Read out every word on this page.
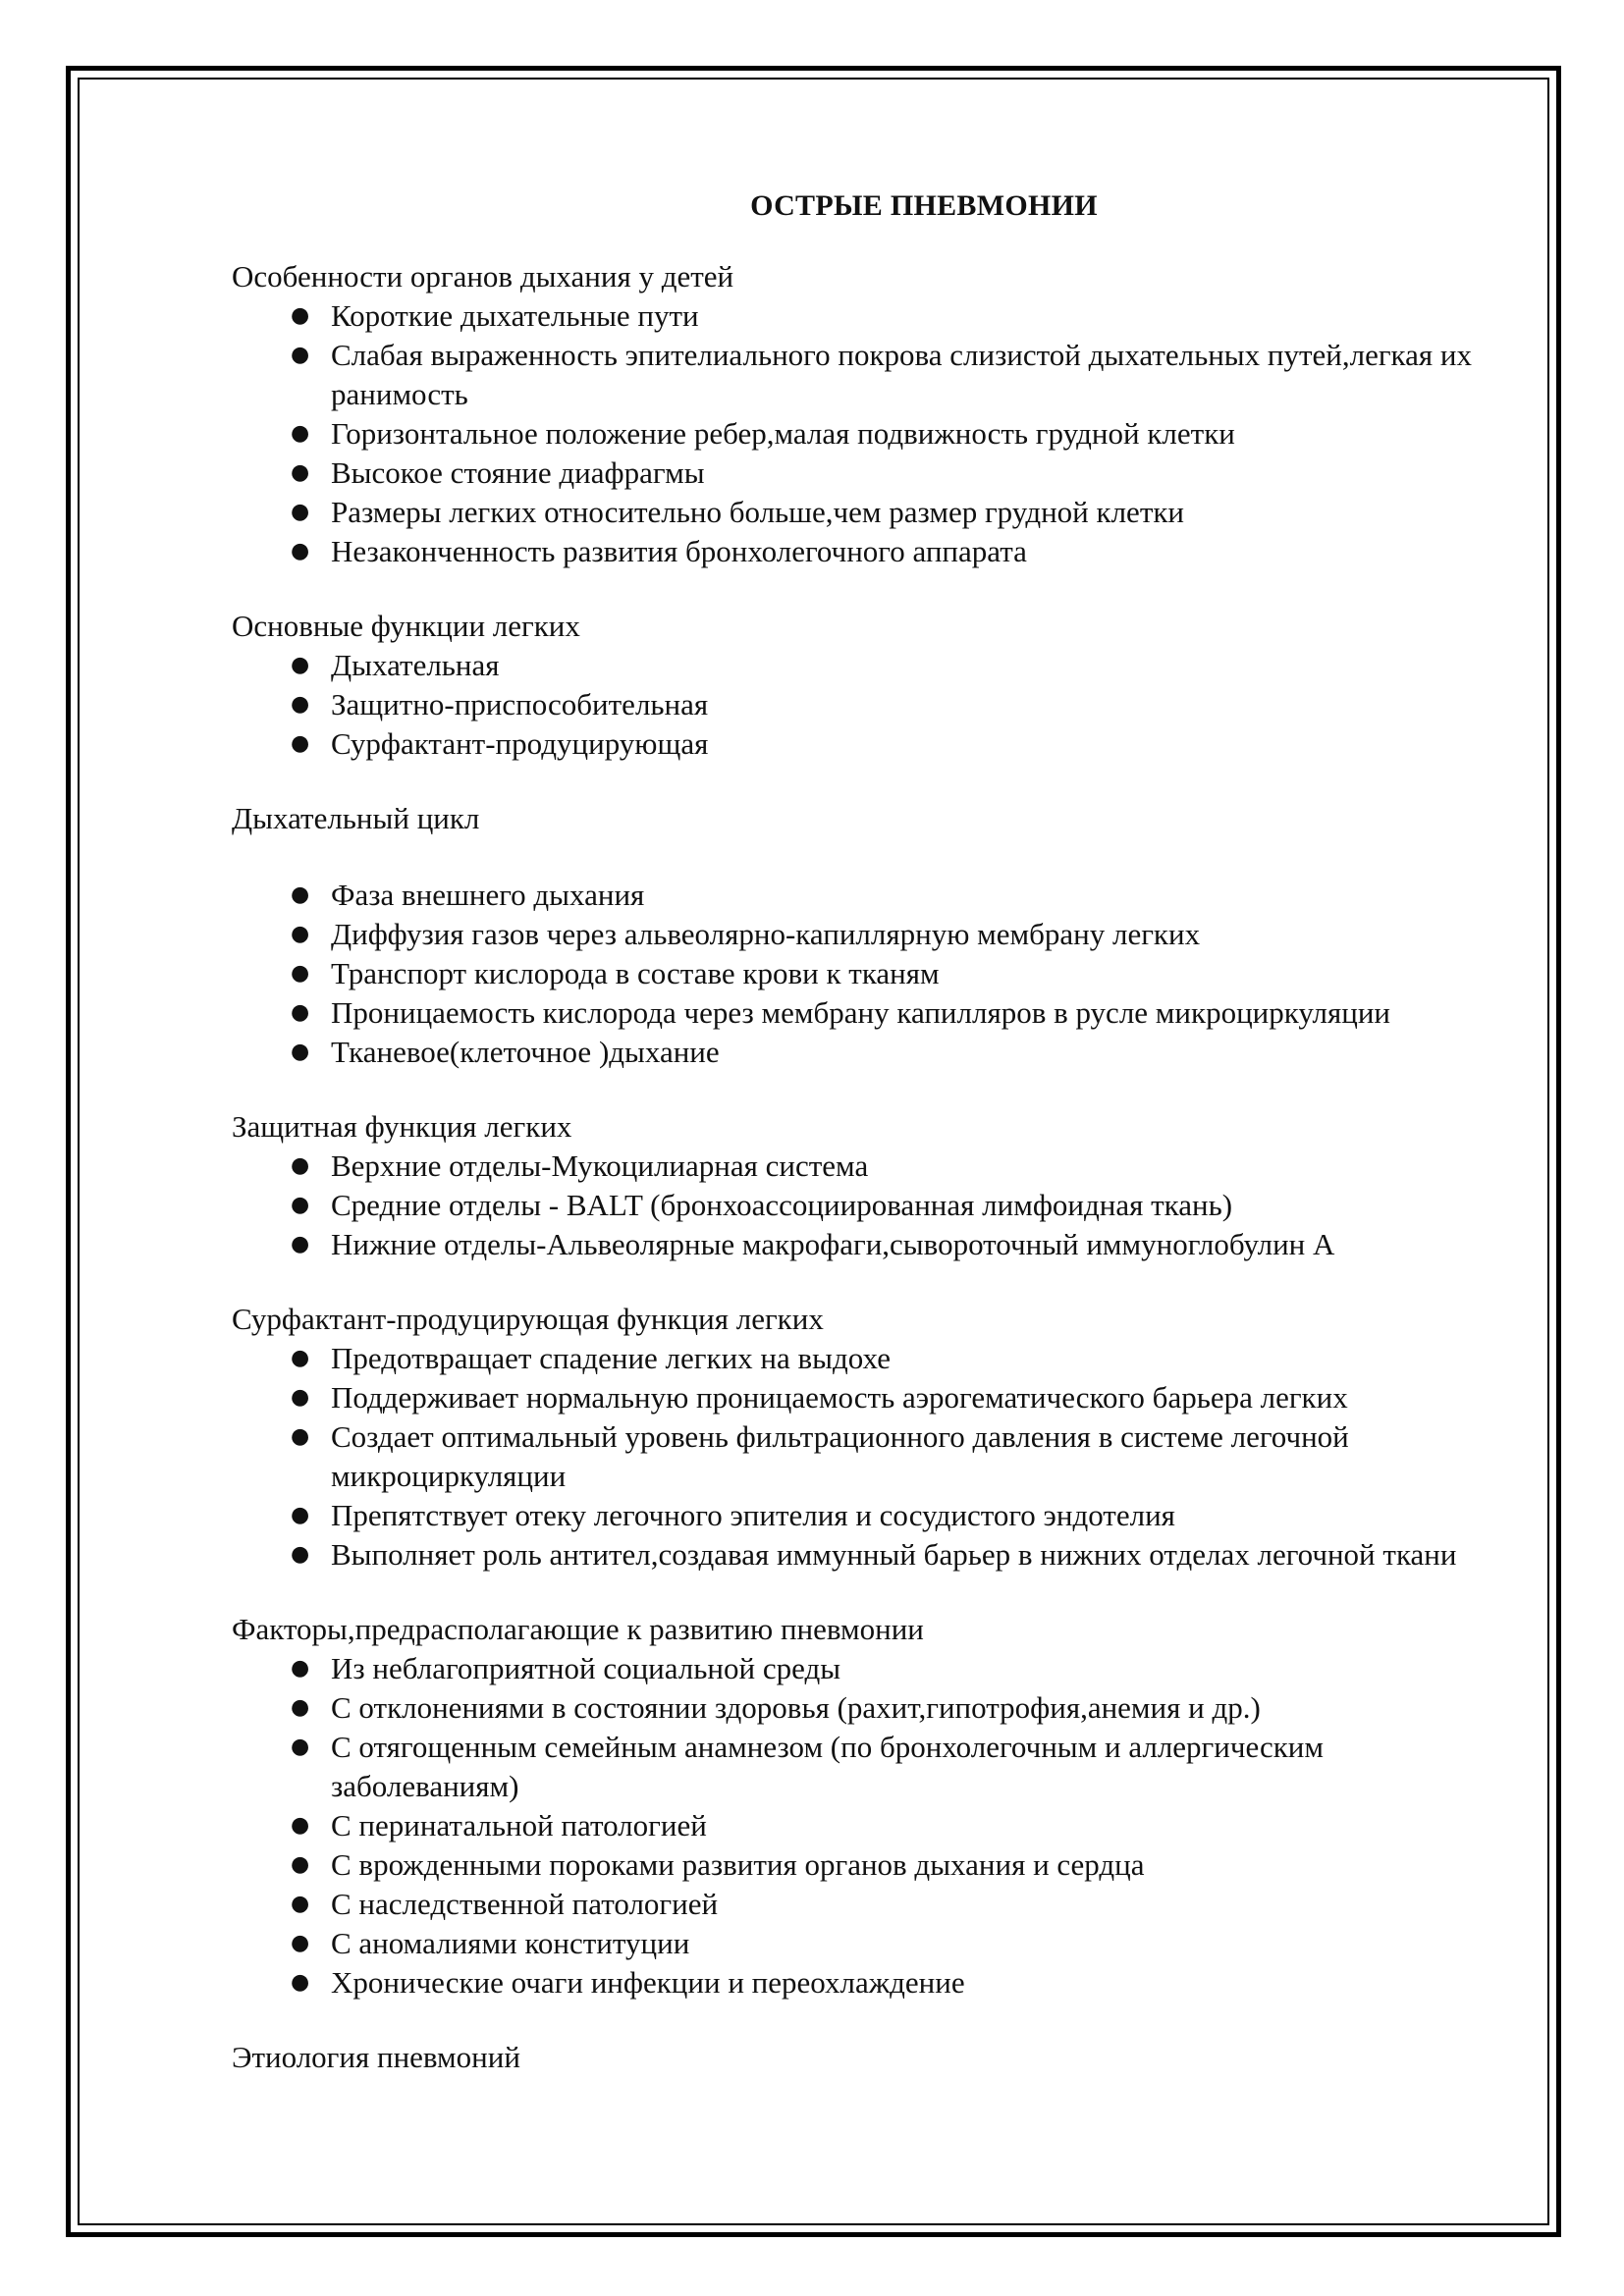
ОСТРЫЕ ПНЕВМОНИИ
Особенности органов дыхания у детей
● Короткие дыхательные пути
● Слабая выраженность эпителиального покрова слизистой дыхательных путей,легкая их ранимость
● Горизонтальное положение ребер,малая подвижность грудной клетки
● Высокое стояние диафрагмы
● Размеры легких относительно больше,чем размер грудной клетки
● Незаконченность развития бронхолегочного аппарата
Основные функции легких
● Дыхательная
● Защитно-приспособительная
● Сурфактант-продуцирующая
Дыхательный цикл
● Фаза внешнего дыхания
● Диффузия газов через альвеолярно-капиллярную мембрану легких
● Транспорт кислорода в составе крови к тканям
● Проницаемость кислорода через мембрану капилляров в русле микроциркуляции
● Тканевое(клеточное )дыхание
Защитная функция легких
● Верхние отделы-Мукоцилиарная система
● Средние отделы - BALT (бронхоассоциированная лимфоидная ткань)
● Нижние отделы-Альвеолярные макрофаги,сывороточный иммуноглобулин А
Сурфактант-продуцирующая функция легких
● Предотвращает спадение легких на выдохе
● Поддерживает нормальную проницаемость аэрогематического барьера легких
● Создает оптимальный уровень фильтрационного давления в системе легочной микроциркуляции
● Препятствует отеку легочного эпителия и сосудистого эндотелия
● Выполняет роль антител,создавая иммунный барьер в нижних отделах легочной ткани
Факторы,предрасполагающие к развитию пневмонии
● Из неблагоприятной социальной среды
● С отклонениями в состоянии здоровья (рахит,гипотрофия,анемия и др.)
● С отягощенным семейным анамнезом (по бронхолегочным и аллергическим заболеваниям)
● С перинатальной патологией
● С врожденными пороками развития органов дыхания и сердца
● С наследственной патологией
● С аномалиями конституции
● Хронические очаги инфекции и переохлаждение
Этиология пневмоний
